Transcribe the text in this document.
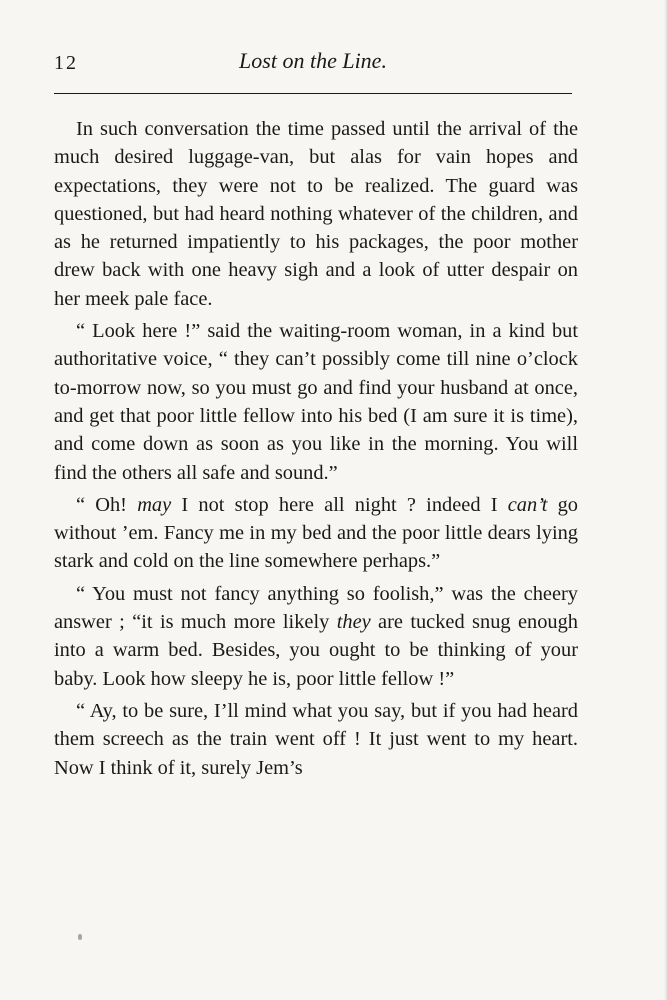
12	Lost on the Line.

In such conversation the time passed until the arrival of the much desired luggage-van, but alas for vain hopes and expectations, they were not to be realized. The guard was questioned, but had heard nothing whatever of the children, and as he returned impatiently to his packages, the poor mother drew back with one heavy sigh and a look of utter despair on her meek pale face.

“ Look here !” said the waiting-room woman, in a kind but authoritative voice, “ they can’t possibly come till nine o’clock to-morrow now, so you must go and find your husband at once, and get that poor little fellow into his bed (I am sure it is time), and come down as soon as you like in the morning. You will find the others all safe and sound.”

“ Oh! may I not stop here all night ? indeed I can’t go without ’em. Fancy me in my bed and the poor little dears lying stark and cold on the line somewhere perhaps.”

“ You must not fancy anything so foolish,” was the cheery answer ; “it is much more likely they are tucked snug enough into a warm bed. Besides, you ought to be thinking of your baby. Look how sleepy he is, poor little fellow !”

“ Ay, to be sure, I’ll mind what you say, but if you had heard them screech as the train went off ! It just went to my heart. Now I think of it, surely Jem’s
